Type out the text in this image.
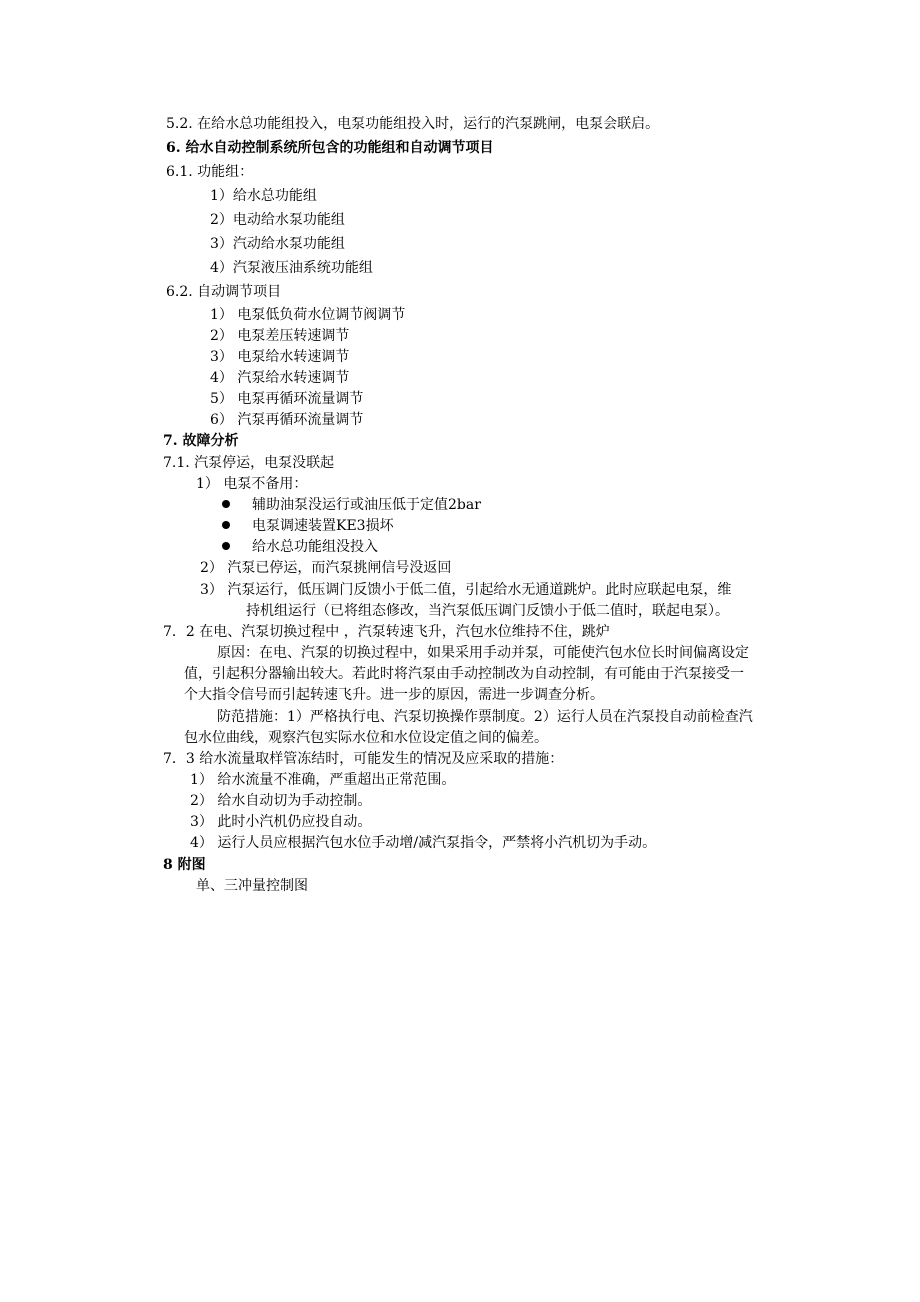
5.2. 在给水总功能组投入，电泵功能组投入时，运行的汽泵跳闸，电泵会联启。

6. 给水自动控制系统所包含的功能组和自动调节项目

6.1. 功能组：

1）给水总功能组

2）电动给水泵功能组

3）汽动给水泵功能组

4）汽泵液压油系统功能组

6.2. 自动调节项目

1） 电泵低负荷水位调节阀调节

2） 电泵差压转速调节

3） 电泵给水转速调节

4） 汽泵给水转速调节

5） 电泵再循环流量调节

6） 汽泵再循环流量调节

7. 故障分析

7.1. 汽泵停运，电泵没联起

1） 电泵不备用：

辅助油泵没运行或油压低于定值2bar

电泵调速装置KE3损坏

给水总功能组没投入

2） 汽泵已停运，而汽泵挑闸信号没返回

3） 汽泵运行，低压调门反馈小于低二值，引起给水无通道跳炉。此时应联起电泵，维

持机组运行（已将组态修改，当汽泵低压调门反馈小于低二值时，联起电泵）。

7．2 在电、汽泵切换过程中 ，汽泵转速飞升，汽包水位维持不住，跳炉

原因：在电、汽泵的切换过程中，如果采用手动并泵，可能使汽包水位长时间偏离设定

值，引起积分器输出较大。若此时将汽泵由手动控制改为自动控制，有可能由于汽泵接受一

个大指令信号而引起转速飞升。进一步的原因，需进一步调查分析。

防范措施：1）严格执行电、汽泵切换操作票制度。2）运行人员在汽泵投自动前检查汽

包水位曲线，观察汽包实际水位和水位设定值之间的偏差。

7．3 给水流量取样管冻结时，可能发生的情况及应采取的措施：

1） 给水流量不准确，严重超出正常范围。

2） 给水自动切为手动控制。

3） 此时小汽机仍应投自动。

4） 运行人员应根据汽包水位手动增/减汽泵指令，严禁将小汽机切为手动。

8 附图

单、三冲量控制图
